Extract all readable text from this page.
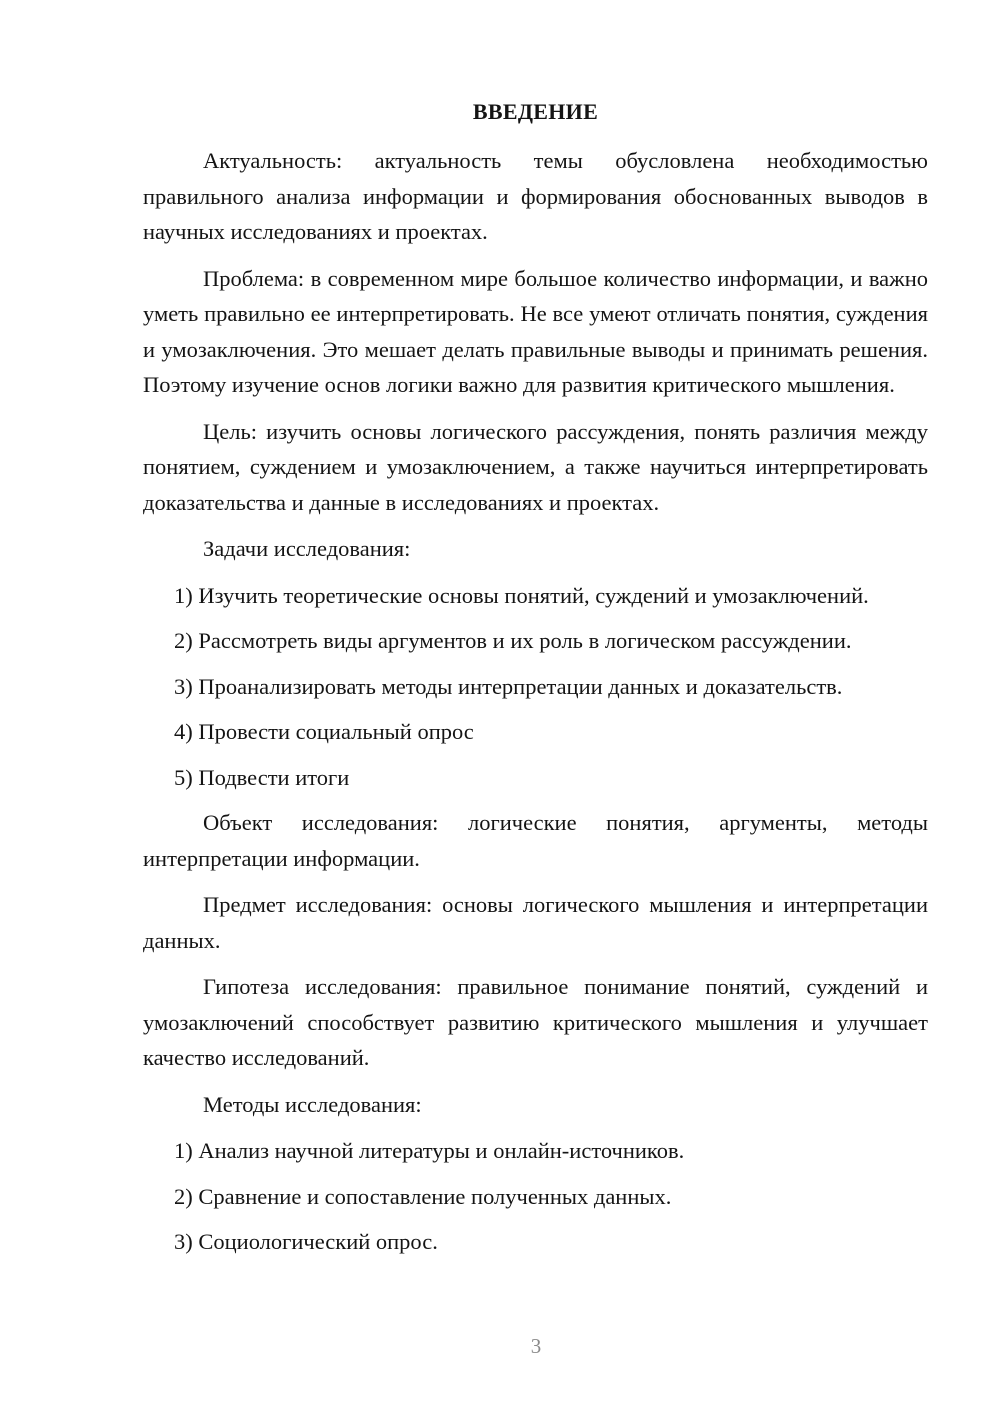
ВВЕДЕНИЕ

Актуальность: актуальность темы обусловлена необходимостью правильного анализа информации и формирования обоснованных выводов в научных исследованиях и проектах.

Проблема: в современном мире большое количество информации, и важно уметь правильно ее интерпретировать. Не все умеют отличать понятия, суждения и умозаключения. Это мешает делать правильные выводы и принимать решения. Поэтому изучение основ логики важно для развития критического мышления.

Цель: изучить основы логического рассуждения, понять различия между понятием, суждением и умозаключением, а также научиться интерпретировать доказательства и данные в исследованиях и проектах.

Задачи исследования:

1) Изучить теоретические основы понятий, суждений и умозаключений.

2) Рассмотреть виды аргументов и их роль в логическом рассуждении.

3) Проанализировать методы интерпретации данных и доказательств.

4) Провести социальный опрос

5) Подвести итоги

Объект исследования: логические понятия, аргументы, методы интерпретации информации.

Предмет исследования: основы логического мышления и интерпретации данных.

Гипотеза исследования: правильное понимание понятий, суждений и умозаключений способствует развитию критического мышления и улучшает качество исследований.

Методы исследования:

1) Анализ научной литературы и онлайн-источников.

2) Сравнение и сопоставление полученных данных.

3) Социологический опрос.

3
